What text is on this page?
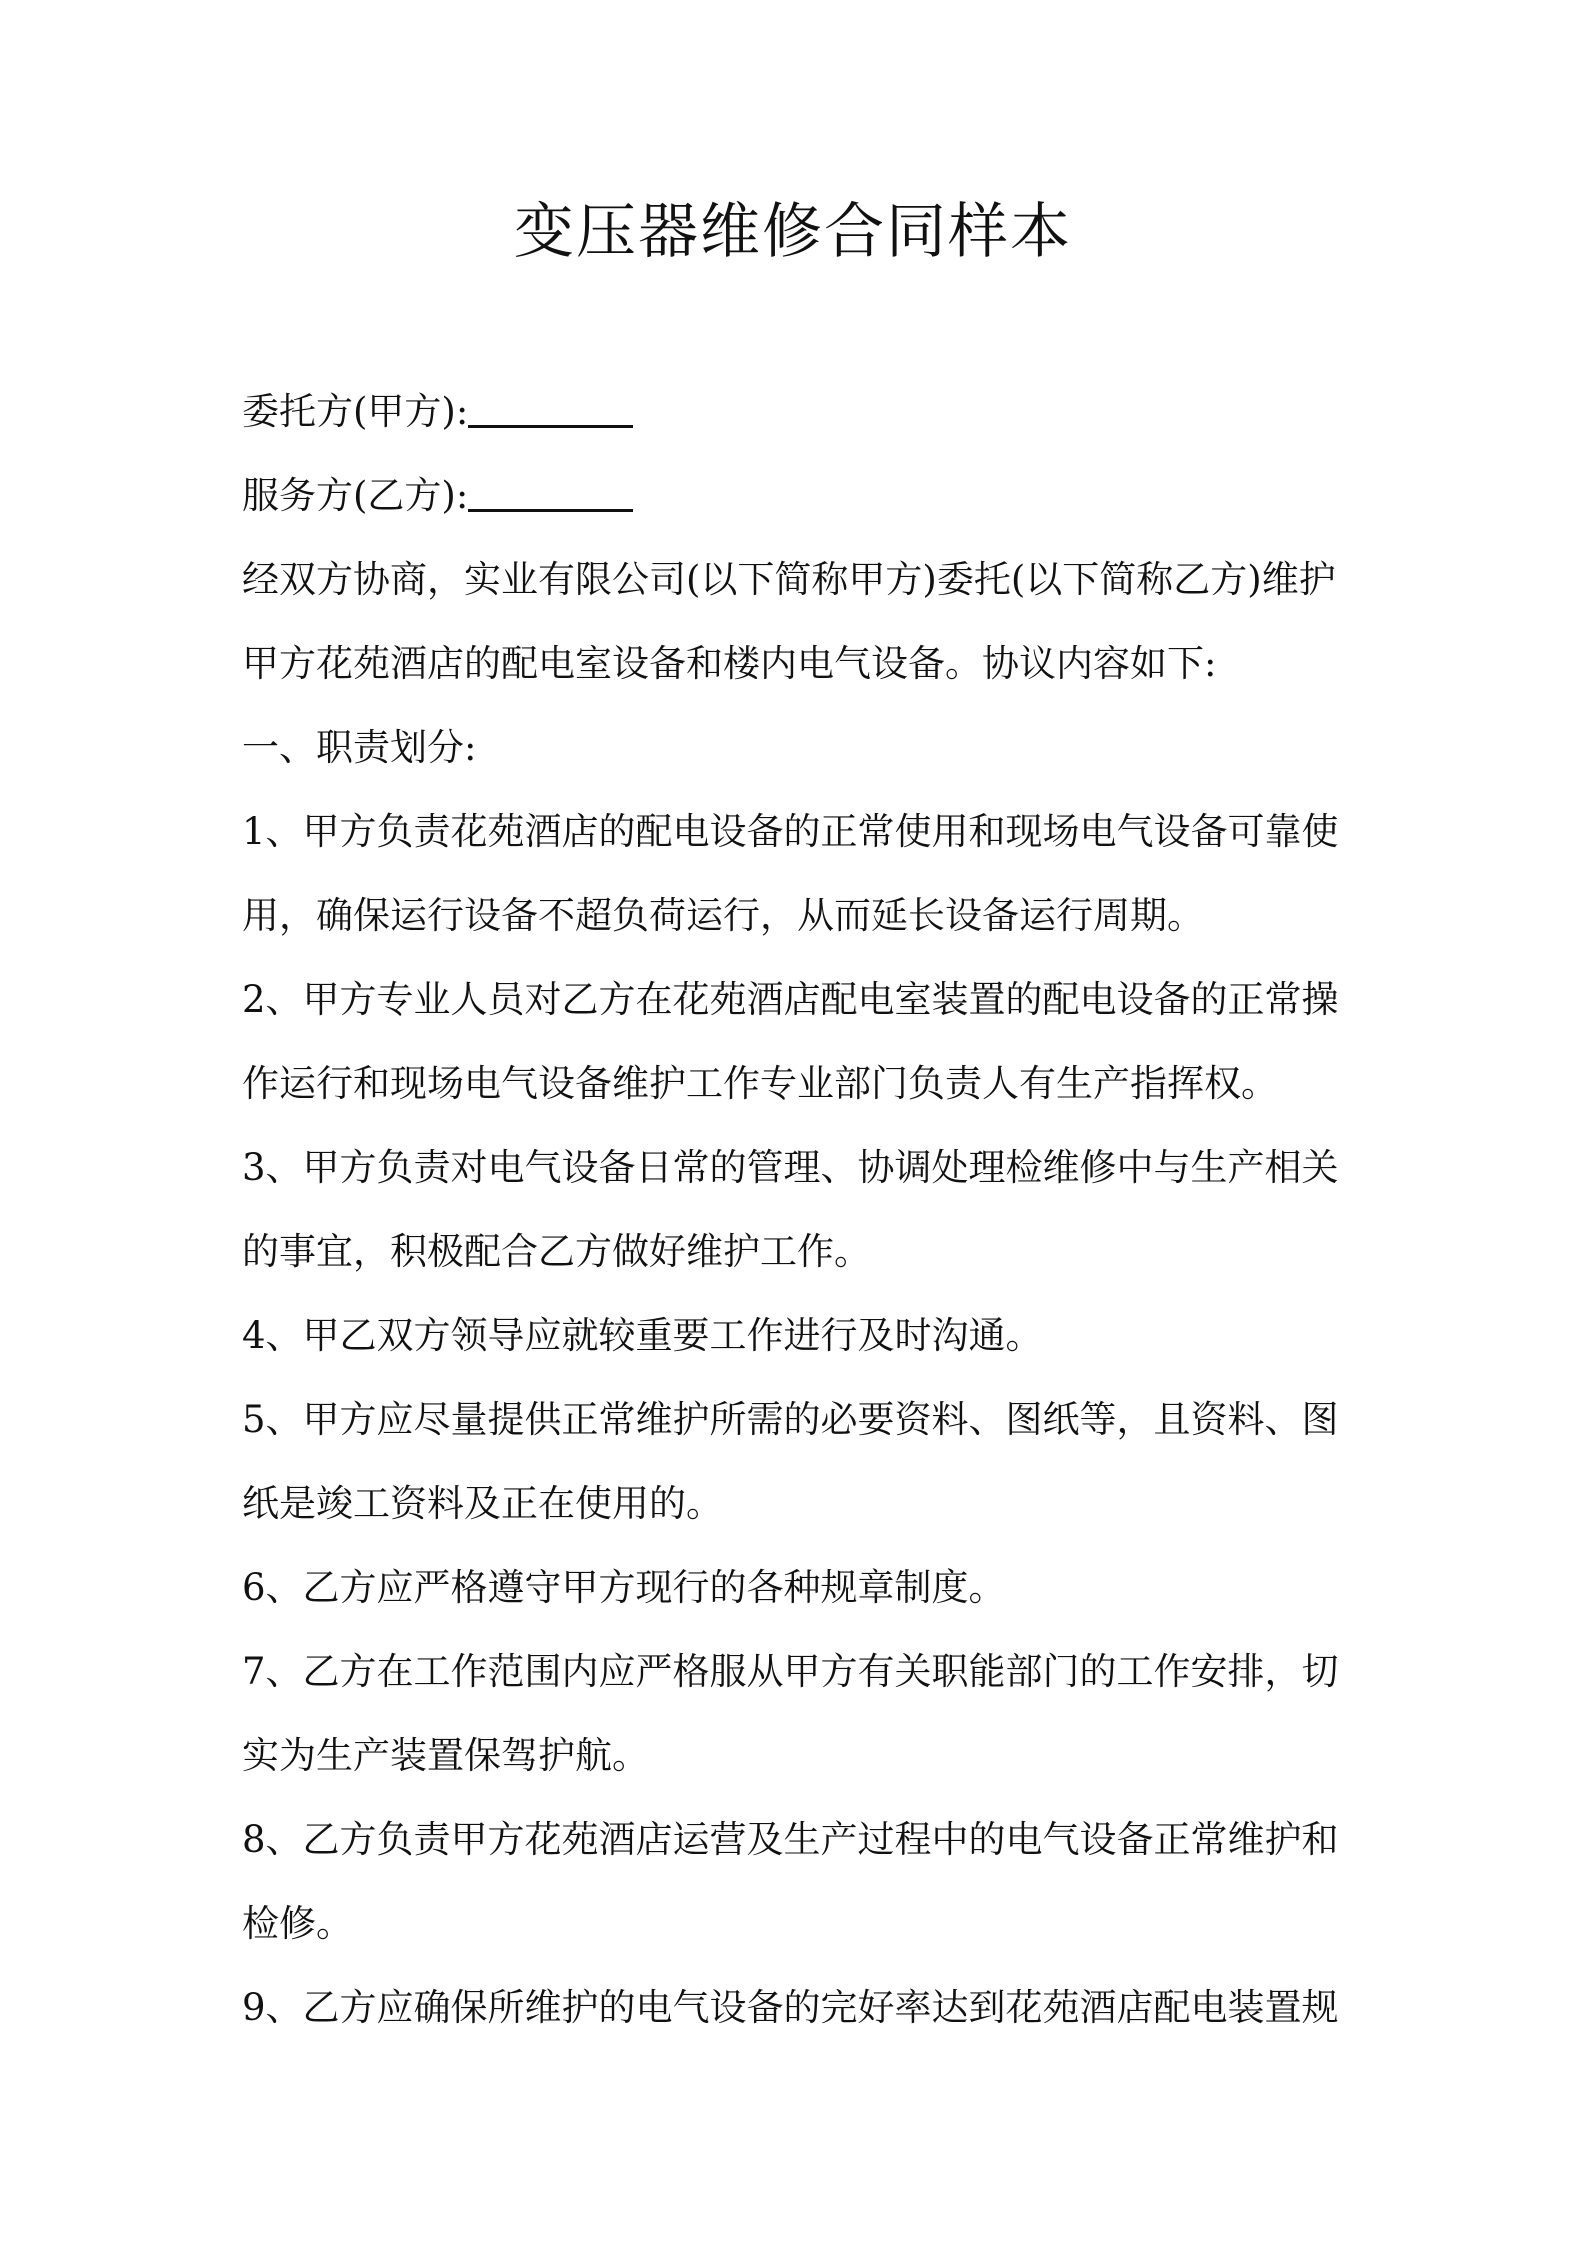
变压器维修合同样本
委托方(甲方):
服务方(乙方):
经双方协商，实业有限公司(以下简称甲方)委托(以下简称乙方)维护
甲方花苑酒店的配电室设备和楼内电气设备。协议内容如下:
一、职责划分:
1、甲方负责花苑酒店的配电设备的正常使用和现场电气设备可靠使
用，确保运行设备不超负荷运行，从而延长设备运行周期。
2、甲方专业人员对乙方在花苑酒店配电室装置的配电设备的正常操
作运行和现场电气设备维护工作专业部门负责人有生产指挥权。
3、甲方负责对电气设备日常的管理、协调处理检维修中与生产相关
的事宜，积极配合乙方做好维护工作。
4、甲乙双方领导应就较重要工作进行及时沟通。
5、甲方应尽量提供正常维护所需的必要资料、图纸等，且资料、图
纸是竣工资料及正在使用的。
6、乙方应严格遵守甲方现行的各种规章制度。
7、乙方在工作范围内应严格服从甲方有关职能部门的工作安排，切
实为生产装置保驾护航。
8、乙方负责甲方花苑酒店运营及生产过程中的电气设备正常维护和
检修。
9、乙方应确保所维护的电气设备的完好率达到花苑酒店配电装置规
